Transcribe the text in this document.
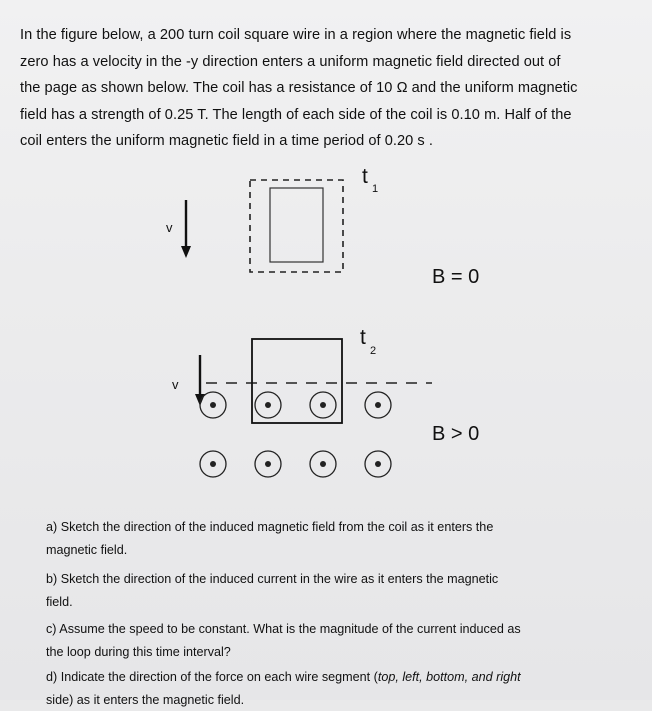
In the figure below, a 200 turn coil square wire in a region where the magnetic field is
zero has a velocity in the -y direction enters a uniform magnetic field directed out of
the page as shown below. The coil has a resistance of 10 Ω and the uniform magnetic
field has a strength of 0.25 T. The length of each side of the coil is 0.10 m. Half of the
coil enters the uniform magnetic field in a time period of 0.20 s .
v
t
1
B = 0
v
t
2
B > 0
a) Sketch the direction of the induced magnetic field from the coil as it enters the
magnetic field.
b) Sketch the direction of the induced current in the wire as it enters the magnetic
field.
c) Assume the speed to be constant. What is the magnitude of the current induced as
the loop during this time interval?
d) Indicate the direction of the force on each wire segment (top, left, bottom, and right
side) as it enters the magnetic field.
